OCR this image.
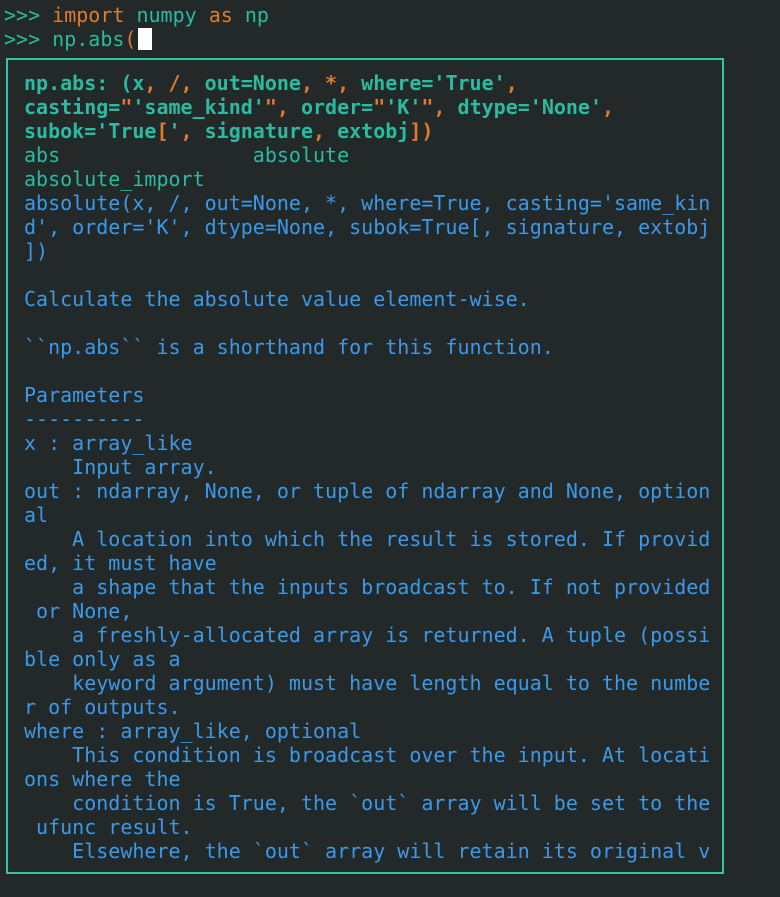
>>> import numpy as np
>>> np.abs(
np.abs: (x, /, out=None, *, where='True',
casting="'same_kind'", order="'K'", dtype='None',
subok='True[', signature, extobj])
abs                absolute
absolute_import
absolute(x, /, out=None, *, where=True, casting='same_kin
d', order='K', dtype=None, subok=True[, signature, extobj
])

Calculate the absolute value element-wise.

``np.abs`` is a shorthand for this function.

Parameters
----------
x : array_like
Input array.
out : ndarray, None, or tuple of ndarray and None, option
al
A location into which the result is stored. If provid
ed, it must have
a shape that the inputs broadcast to. If not provided
or None,
a freshly-allocated array is returned. A tuple (possi
ble only as a
keyword argument) must have length equal to the numbe
r of outputs.
where : array_like, optional
This condition is broadcast over the input. At locati
ons where the
condition is True, the `out` array will be set to the
ufunc result.
Elsewhere, the `out` array will retain its original v
